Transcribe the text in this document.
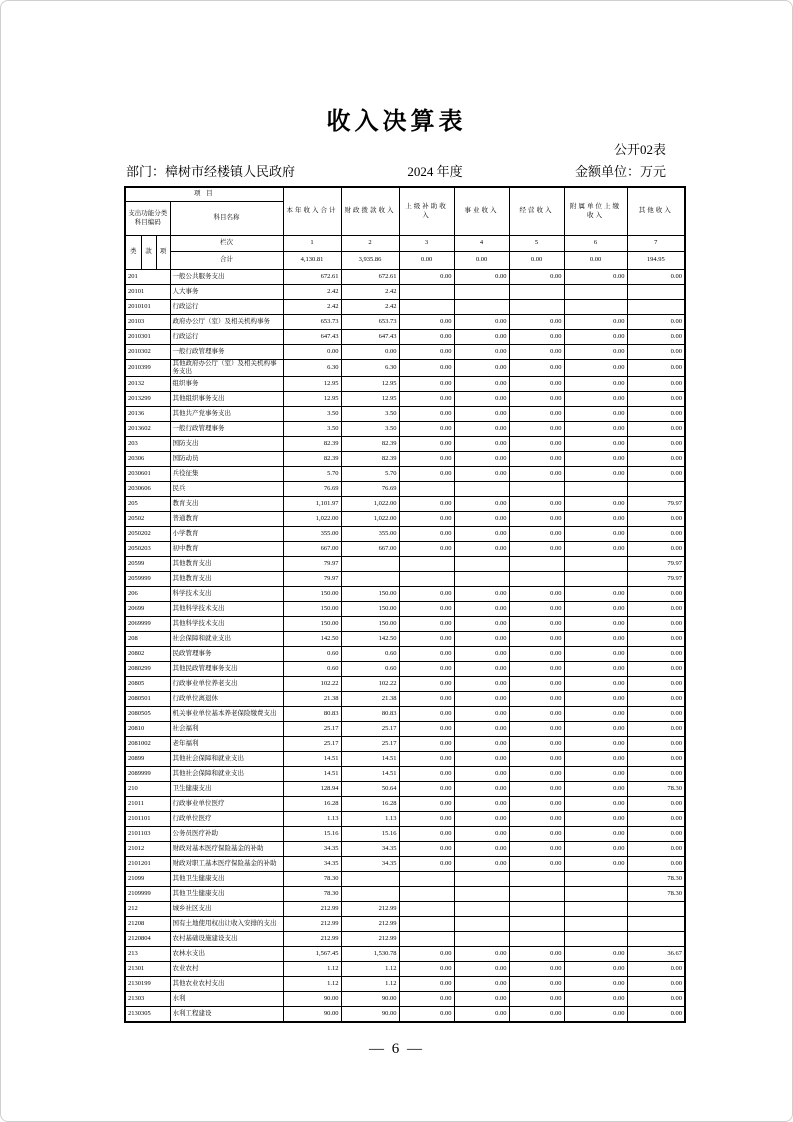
收入决算表
公开02表
部门：樟树市经楼镇人民政府	2024 年度	金额单位：万元
项 目				本年收入合计	财政拨款收入	上级补助收入	事业收入	经营收入	附属单位上缴收入	其他收入
支出功能分类科目编码			科目名称							
类	款	项	栏次	1	2	3	4	5	6	7
			合计	4,130.81	3,935.86	0.00	0.00	0.00	0.00	194.95
201			一般公共服务支出	672.61	672.61	0.00	0.00	0.00	0.00	0.00
20101			人大事务	2.42	2.42					
2010101			行政运行	2.42	2.42					
20103			政府办公厅（室）及相关机构事务	653.73	653.73	0.00	0.00	0.00	0.00	0.00
2010301			行政运行	647.43	647.43	0.00	0.00	0.00	0.00	0.00
2010302			一般行政管理事务	0.00	0.00	0.00	0.00	0.00	0.00	0.00
2010399			其他政府办公厅（室）及相关机构事务支出	6.30	6.30	0.00	0.00	0.00	0.00	0.00
20132			组织事务	12.95	12.95	0.00	0.00	0.00	0.00	0.00
2013299			其他组织事务支出	12.95	12.95	0.00	0.00	0.00	0.00	0.00
20136			其他共产党事务支出	3.50	3.50	0.00	0.00	0.00	0.00	0.00
2013602			一般行政管理事务	3.50	3.50	0.00	0.00	0.00	0.00	0.00
203			国防支出	82.39	82.39	0.00	0.00	0.00	0.00	0.00
20306			国防动员	82.39	82.39	0.00	0.00	0.00	0.00	0.00
2030601			兵役征集	5.70	5.70	0.00	0.00	0.00	0.00	0.00
2030606			民兵	76.69	76.69					
205			教育支出	1,101.97	1,022.00	0.00	0.00	0.00	0.00	79.97
20502			普通教育	1,022.00	1,022.00	0.00	0.00	0.00	0.00	0.00
2050202			小学教育	355.00	355.00	0.00	0.00	0.00	0.00	0.00
2050203			初中教育	667.00	667.00	0.00	0.00	0.00	0.00	0.00
20599			其他教育支出	79.97						79.97
2059999			其他教育支出	79.97						79.97
206			科学技术支出	150.00	150.00	0.00	0.00	0.00	0.00	0.00
20699			其他科学技术支出	150.00	150.00	0.00	0.00	0.00	0.00	0.00
2069999			其他科学技术支出	150.00	150.00	0.00	0.00	0.00	0.00	0.00
208			社会保障和就业支出	142.50	142.50	0.00	0.00	0.00	0.00	0.00
20802			民政管理事务	0.60	0.60	0.00	0.00	0.00	0.00	0.00
2080299			其他民政管理事务支出	0.60	0.60	0.00	0.00	0.00	0.00	0.00
20805			行政事业单位养老支出	102.22	102.22	0.00	0.00	0.00	0.00	0.00
2080501			行政单位离退休	21.38	21.38	0.00	0.00	0.00	0.00	0.00
2080505			机关事业单位基本养老保险缴费支出	80.83	80.83	0.00	0.00	0.00	0.00	0.00
20810			社会福利	25.17	25.17	0.00	0.00	0.00	0.00	0.00
2081002			老年福利	25.17	25.17	0.00	0.00	0.00	0.00	0.00
20899			其他社会保障和就业支出	14.51	14.51	0.00	0.00	0.00	0.00	0.00
2089999			其他社会保障和就业支出	14.51	14.51	0.00	0.00	0.00	0.00	0.00
210			卫生健康支出	128.94	50.64	0.00	0.00	0.00	0.00	78.30
21011			行政事业单位医疗	16.28	16.28	0.00	0.00	0.00	0.00	0.00
2101101			行政单位医疗	1.13	1.13	0.00	0.00	0.00	0.00	0.00
2101103			公务员医疗补助	15.16	15.16	0.00	0.00	0.00	0.00	0.00
21012			财政对基本医疗保险基金的补助	34.35	34.35	0.00	0.00	0.00	0.00	0.00
2101201			财政对职工基本医疗保险基金的补助	34.35	34.35	0.00	0.00	0.00	0.00	0.00
21099			其他卫生健康支出	78.30						78.30
2109999			其他卫生健康支出	78.30						78.30
212			城乡社区支出	212.99	212.99					
21208			国有土地使用权出让收入安排的支出	212.99	212.99					
2120804			农村基础设施建设支出	212.99	212.99					
213			农林水支出	1,567.45	1,530.78	0.00	0.00	0.00	0.00	36.67
21301			农业农村	1.12	1.12	0.00	0.00	0.00	0.00	0.00
2130199			其他农业农村支出	1.12	1.12	0.00	0.00	0.00	0.00	0.00
21303			水利	90.00	90.00	0.00	0.00	0.00	0.00	0.00
2130305			水利工程建设	90.00	90.00	0.00	0.00	0.00	0.00	0.00
— 6 —
